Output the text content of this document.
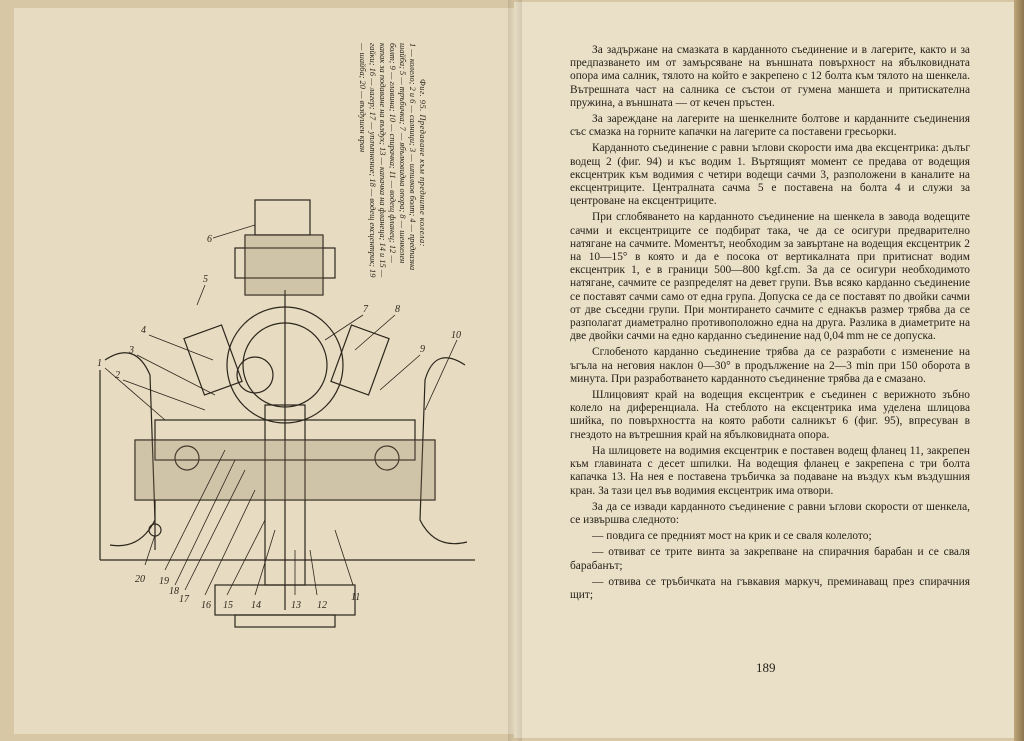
Фиг. 95. Предаване към предните колела:
1 — колело; 2 и 6 — салници; 3 — шпилков болт; 4 — предпазна шайба; 5 — тръбичка; 7 — ябълковидна опора; 8 — шенкелен болт; 9 — главина; 10 — спирачка; 11 — водещ фланец; 12 — капак за подаване на въздух; 13 — капачка на фланеца; 14 и 15 — гайки; 16 — лагер; 17 — уплътнение; 18 — водещ ексцентрик; 19 — шайба; 20 — въздушен кран
1
2
3
4
5
6
7	8
9
10
11
12
13
14
15
16
17
18
19
20

За задържане на смазката в карданното съединение и в лагерите, както и за предпазването им от замърсяване на външната повърхност на ябълковидната опора има салник, тялото на който е закрепено с 12 болта към тялото на шенкела. Вътрешната част на салника се състои от гумена маншета и притискателна пружина, а външната — от кечен пръстен.

За зареждане на лагерите на шенкелните болтове и карданните съединения със смазка на горните капачки на лагерите са поставени гресьорки.

Карданното съединение с равни ъглови скорости има два ексцентрика: дълъг водещ 2 (фиг. 94) и къс водим 1. Въртящият момент се предава от водещия ексцентрик към водимия с четири водещи сачми 3, разположени в каналите на ексцентриците. Централната сачма 5 е поставена на болта 4 и служи за центроване на ексцентриците.

При сглобяването на карданното съединение на шенкела в завода водещите сачми и ексцентриците се подбират така, че да се осигури предварително натягане на сачмите. Моментът, необходим за завъртане на водещия ексцентрик 2 на 10—15° в която и да е посока от вертикалната при притиснат водим ексцентрик 1, е в граници 500—800 kgf.cm. За да се осигури необходимото натягане, сачмите се разпределят на девет групи. Във всяко карданно съединение се поставят сачми само от една група. Допуска се да се поставят по двойки сачми от две съседни групи. При монтирането сачмите с еднакъв размер трябва да се разполагат диаметрално противоположно една на друга. Разлика в диаметрите на две двойки сачми на едно карданно съединение над 0,04 mm не се допуска.

Сглобеното карданно съединение трябва да се разработи с изменение на ъгъла на неговия наклон 0—30° в продължение на 2—3 min при 150 оборота в минута. При разработването карданното съединение трябва да е смазано.

Шлицовият край на водещия ексцентрик е съединен с верижното зъбно колело на диференциала. На стеблото на ексцентрика има уделена шлицова шийка, по повърхността на която работи салникът 6 (фиг. 95), впресуван в гнездото на вътрешния край на ябълковидната опора.

На шлицовете на водимия ексцентрик е поставен водещ фланец 11, закрепен към главината с десет шпилки. На водещия фланец е закрепена с три болта капачка 13. На нея е поставена тръбичка за подаване на въздух към въздушния кран. За тази цел във водимия ексцентрик има отвори.

За да се извади карданното съединение с равни ъглови скорости от шенкела, се извършва следното:

— повдига се предният мост на крик и се сваля колелото;

— отвиват се трите винта за закрепване на спирачния барабан и се сваля барабанът;

— отвива се тръбичката на гъвкавия маркуч, преминаващ през спирачния щит;

189
